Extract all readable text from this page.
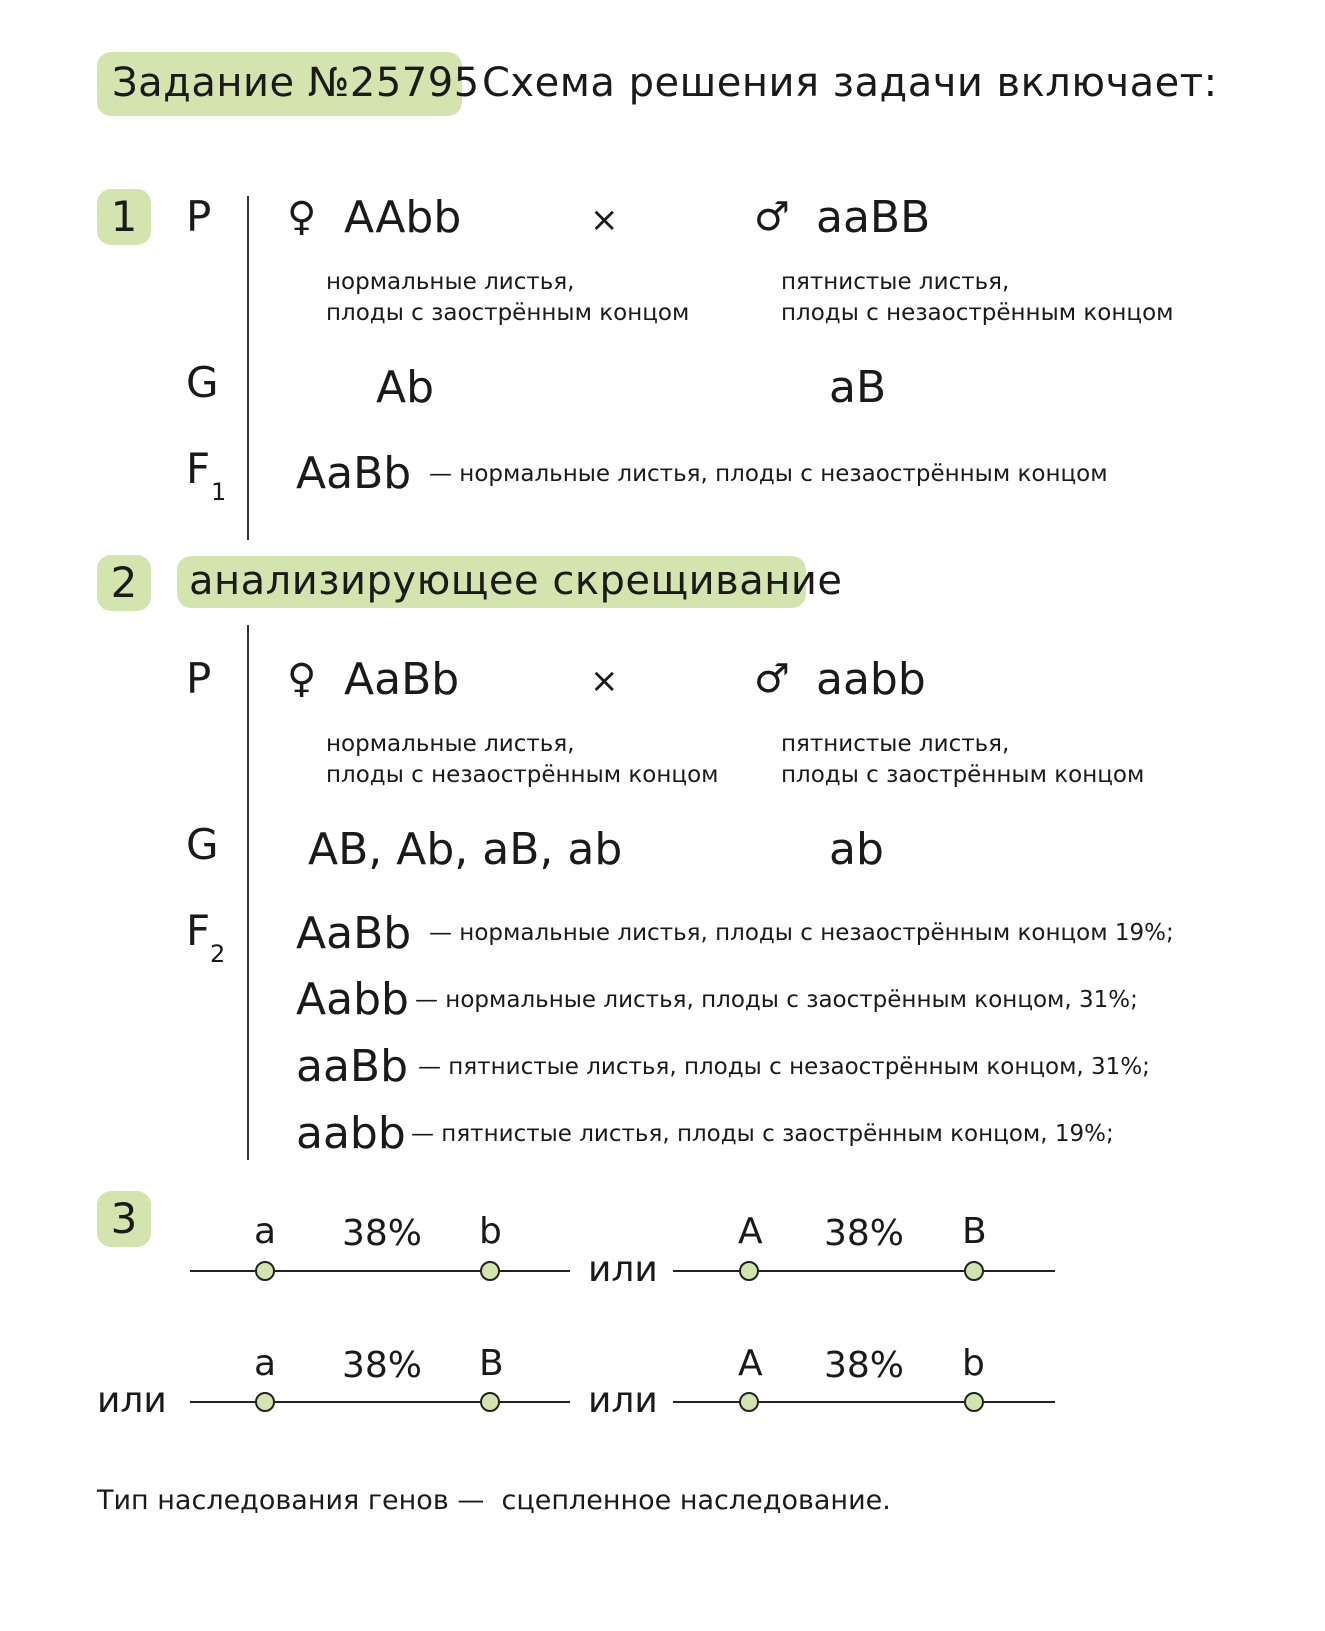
Задание №25795 Схема решения задачи включает:
1	P ♀ AAbb	×	♂ aaBB
нормальные листья,
плоды с заострённым концом
пятнистые листья,
плоды с незаострённым концом
G	Ab	aB
F 1 AaBb — нормальные листья, плоды с незаострённым концом
2	анализирующее скрещивание
P ♀ AaBb	×	♂ aabb
нормальные листья,
плоды с незаострённым концом
пятнистые листья,
плоды с заострённым концом
G AB, Ab, aB, ab	ab
F 2 AaBb — нормальные листья, плоды с незаострённым концом 19%;
Aabb — нормальные листья, плоды с заострённым концом, 31%;
aaBb — пятнистые листья, плоды с незаострённым концом, 31%;
aabb — пятнистые листья, плоды с заострённым концом, 19%;
3	a 38% b
или
A 38% B
или
a 38% B
или
A 38% b
Тип наследования генов —  сцепленное наследование.
